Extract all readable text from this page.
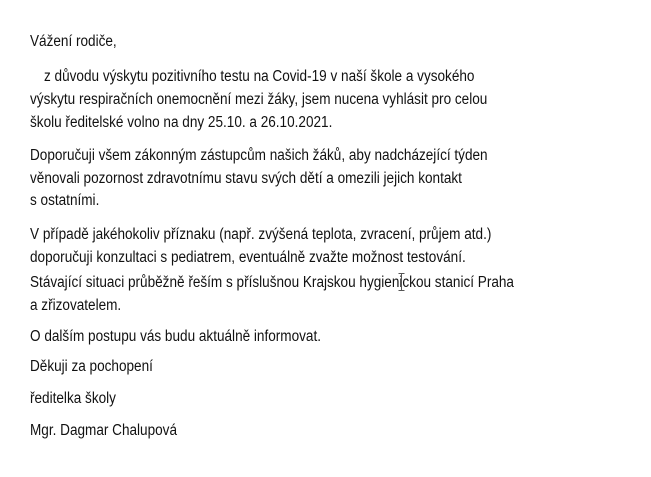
Vážení rodiče,
z důvodu výskytu pozitivního testu na Covid-19 v naší škole a vysokého
výskytu respiračních onemocnění mezi žáky, jsem nucena vyhlásit pro celou
školu ředitelské volno na dny 25.10. a 26.10.2021.
Doporučuji všem zákonným zástupcům našich žáků, aby nadcházející týden
věnovali pozornost zdravotnímu stavu svých dětí a omezili jejich kontakt
s ostatními.
V případě jakéhokoliv příznaku (např. zvýšená teplota, zvracení, průjem atd.)
doporučuji konzultaci s pediatrem, eventuálně zvažte možnost testování.
Stávající situaci průběžně řeším s příslušnou Krajskou hygienickou stanicí Praha
a zřizovatelem.
O dalším postupu vás budu aktuálně informovat.
Děkuji za pochopení
ředitelka školy
Mgr. Dagmar Chalupová
